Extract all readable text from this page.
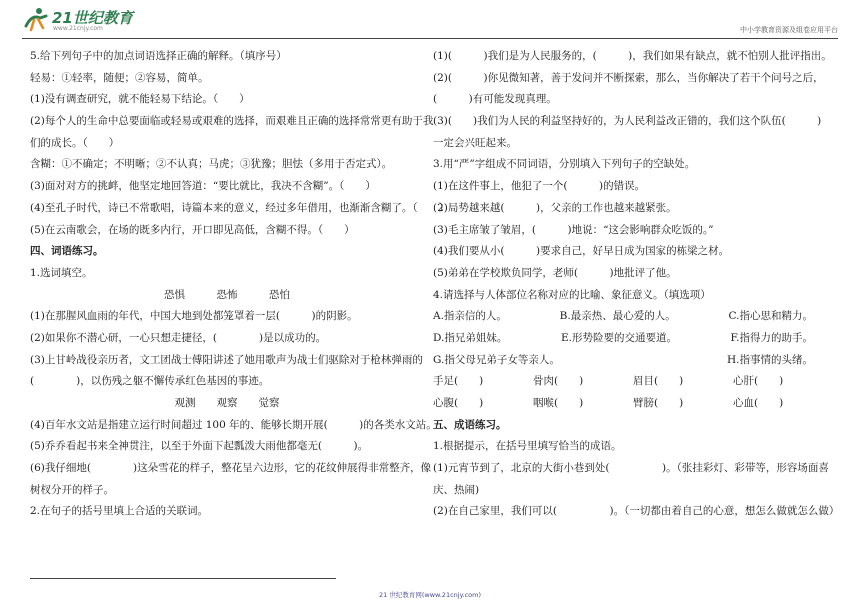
21世纪教育
www.21cnjy.com	中小学教育资源及组卷应用平台
5.给下列句子中的加点词语选择正确的解释。（填序号）
轻易：①轻率，随便；②容易，简单。
(1)没有调查研究，就不能轻易下结论。（　　）
(2)每个人的生命中总要面临或轻易或艰难的选择，而艰难且正确的选择常常更有助于我
们的成长。（　　）
含糊：①不确定；不明晰；②不认真；马虎；③犹豫；胆怯（多用于否定式）。
(3)面对对方的挑衅，他坚定地回答道：“要比就比，我决不含糊”。（　　）
(4)至孔子时代，诗已不常歌唱，诗篇本来的意义，经过多年借用，也渐渐含糊了。（　　）
(5)在云南歌会，在场的既多内行，开口即见高低，含糊不得。（　　）
四、词语练习。
1.选词填空。
恐惧　　　恐怖　　　恐怕
(1)在那腥风血雨的年代，中国大地到处都笼罩着一层(　　　)的阴影。
(2)如果你不潜心研，一心只想走捷径，(　　　　)是以成功的。
(3)上甘岭战役亲历者，文工团战士傅阳讲述了她用歌声为战士们驱除对于枪林弹雨的
(　　　　)，以伤残之躯不懈传承红色基因的事迹。
观测　　观察　　觉察
(4)百年水文站是指建立运行时间超过 100 年的、能够长期开展(　　　)的各类水文站。
(5)乔乔看起书来全神贯注，以至于外面下起瓢泼大雨他都毫无(　　　)。
(6)我仔细地(　　　　)这朵雪花的样子，整花呈六边形，它的花纹伸展得非常整齐，像
树杈分开的样子。
2.在句子的括号里填上合适的关联词。
(1)(　　　)我们是为人民服务的，(　　　)，我们如果有缺点，就不怕别人批评指出。
(2)(　　　)你见微知著，善于发问并不断探索，那么，当你解决了若干个问号之后，
(　　　)有可能发现真理。
(3)(　　)我们为人民的利益坚持好的，为人民利益改正错的，我们这个队伍(　　　)
一定会兴旺起来。
3.用“严”字组成不同词语，分别填入下列句子的空缺处。
(1)在这件事上，他犯了一个(　　　)的错误。
(2)局势越来越(　　　)，父亲的工作也越来越紧张。
(3)毛主席皱了皱眉，(　　　)地说：“这会影响群众吃饭的。”
(4)我们要从小(　　　)要求自己，好早日成为国家的栋梁之材。
(5)弟弟在学校欺负同学，老师(　　　)地批评了他。
4.请选择与人体部位名称对应的比喻、象征意义。（填选项）
A.指亲信的人。	B.最亲热、最心爱的人。	C.指心思和精力。
D.指兄弟姐妹。	E.形势险要的交通要道。	F.指得力的助手。
G.指父母兄弟子女等亲人。	H.指事情的头绪。
手足(　　)	骨肉(　　)	眉目(　　)	心肝(　　)
心腹(　　)	咽喉(　　)	臂膀(　　)	心血(　　)
五、成语练习。
1.根据提示，在括号里填写恰当的成语。
(1)元宵节到了，北京的大街小巷到处(　　　　　)。（张挂彩灯、彩带等，形容场面喜
庆、热闹)
(2)在自己家里，我们可以(　　　　　)。（一切都由着自己的心意，想怎么做就怎么做）
21 世纪教育网(www.21cnjy.com)
